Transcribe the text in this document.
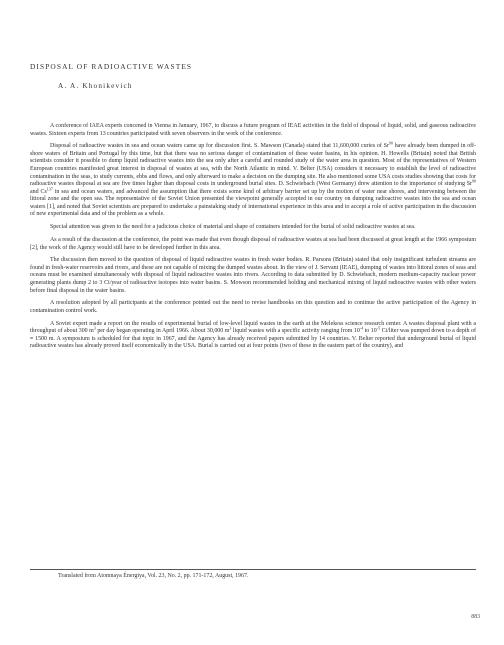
DISPOSAL OF RADIOACTIVE WASTES
A. A. Khonikevich

A conference of IAEA experts concened in Vienna in January, 1967, to discuss a future program of IEAE activities in the field of disposal of liquid, solid, and gaseous radioactive wastes. Sixteen experts from 13 countries participated with seven observers in the work of the conference.

Disposal of radioactive wastes in sea and ocean waters came up for discussion first. S. Mawson (Canada) stated that 11,600,000 curies of Sr$^{90}$ have already been dumped in off-shore waters of Britain and Portugal by this time, but that there was no serious danger of contamination of these water basins, in his opinion. H. Howells (Britain) noted that British scientists consider it possible to dump liquid radioactive wastes into the sea only after a careful and rounded study of the water area in question. Most of the representatives of Western European countries manifested great interest in disposal of wastes at sea, with the North Atlantic in mind. V. Belter (USA) considers it necessary to establish the level of radioactive contamination in the seas, to study currents, ebbs and flows, and only afterward to make a decision on the dumping site. He also mentioned some USA costs studies showing that costs for radioactive wastes disposal at sea are five times higher than disposal costs in underground burial sites. D. Schwiebach (West Germany) drew attention to the importance of studying Sr$^{90}$ and Cs$^{137}$ in sea and ocean waters, and advanced the assumption that there exists some kind of arbitrary barrier set up by the motion of water near shores, and intervening between the littoral zone and the open sea. The representative of the Soviet Union presented the viewpoint generally accepted in our country on dumping radioactive wastes into the sea and ocean waters [1], and noted that Soviet scientists are prepared to undertake a painstaking study of international experience in this area and to accept a role of active participation in the discussion of new experimental data and of the problem as a whole.

Special attention was given to the need for a judicious choice of material and shape of containers intended for the burial of solid radioactive wastes at sea.

As a result of the discussion at the conference, the point was made that even though disposal of radioactive wastes at sea had been discussed at great length at the 1966 symposium [2], the work of the Agency would still have to be developed further in this area.

The discussion then moved to the question of disposal of liquid radioactive wastes in fresh water bodies. R. Parsons (Britain) stated that only insignificant turbulent streams are found in fresh-water reservoirs and rivers, and these are not capable of mixing the dumped wastes about. In the view of J. Servant (IEAE), dumping of wastes into littoral zones of seas and oceans must be examined simultaneously with disposal of liquid radioactive wastes into rivers. According to data submitted by D. Schwiebach, modern medium-capacity nuclear power generating plants dump 2 to 3 Ci/year of radioactive isotopes into water basins. S. Mowson recommended holding and mechanical mixing of liquid radioactive wastes with other waters before final disposal in the water basins.

A resolution adopted by all participants at the conference pointed out the need to revise handbooks on this question and to continue the active participation of the Agency in contamination control work.

A Soviet expert made a report on the results of experimental burial of low-level liquid wastes in the earth at the Melekess science research center. A wastes disposal plant with a throughput of about 300 $m^3$ per day began operating in April 1966. About 30,000 $m^3$ liquid wastes with a specific activity ranging from $10^{-4}$ to $10^{-5}$ Ci/liter was pumped down to a depth of ≈ 1500 m. A symposium is scheduled for that topic in 1967, and the Agency has already received papers submitted by 14 countries. V. Belter reported that underground burial of liquid radioactive wastes has already proved itself economically in the USA. Burial is carried out at four points (two of these in the eastern part of the country), and

Translated from Atomnaya Énergiya, Vol. 23, No. 2, pp. 171-172, August, 1967.
883
